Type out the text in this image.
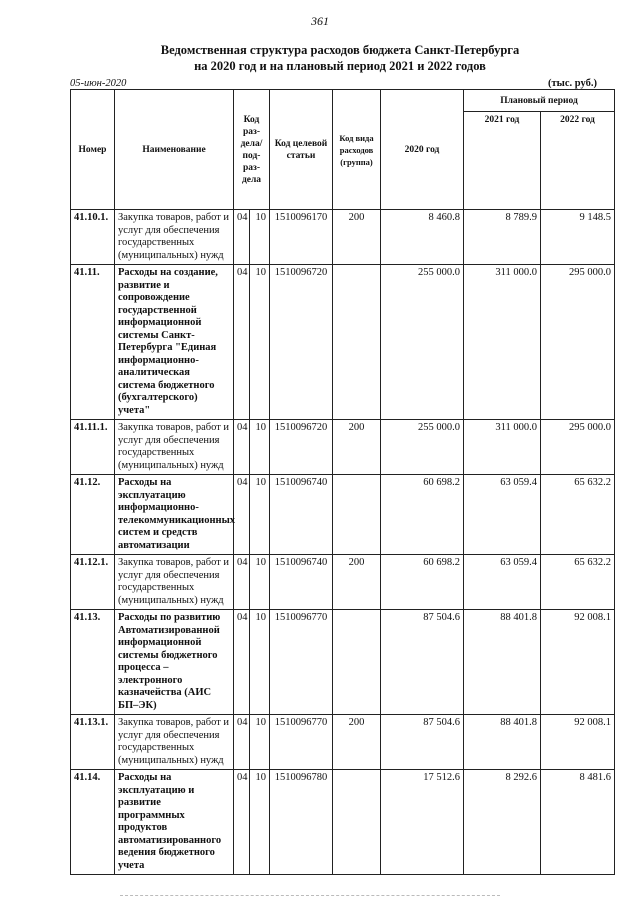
361
Ведомственная структура расходов бюджета Санкт-Петербурга
на 2020 год и на плановый период 2021 и 2022 годов
05-июн-2020	(тыс. руб.)
Номер	Наименование	Код раз- дела/ под- раз- дела		Код целевой статьи	Код вида расходов (группа)	2020 год	Плановый период	
							2021 год	2022 год
41.10.1.	Закупка товаров, работ и услуг для обеспечения государственных (муниципальных) нужд	04	10	1510096170	200	8 460.8	8 789.9	9 148.5
41.11.	Расходы на создание, развитие и сопровождение государственной информационной системы Санкт-Петербурга "Единая информационно-аналитическая система бюджетного (бухгалтерского) учета"	04	10	1510096720		255 000.0	311 000.0	295 000.0
41.11.1.	Закупка товаров, работ и услуг для обеспечения государственных (муниципальных) нужд	04	10	1510096720	200	255 000.0	311 000.0	295 000.0
41.12.	Расходы на эксплуатацию информационно-телекоммуникационных систем и средств автоматизации	04	10	1510096740		60 698.2	63 059.4	65 632.2
41.12.1.	Закупка товаров, работ и услуг для обеспечения государственных (муниципальных) нужд	04	10	1510096740	200	60 698.2	63 059.4	65 632.2
41.13.	Расходы по развитию Автоматизированной информационной системы бюджетного процесса – электронного казначейства (АИС БП–ЭК)	04	10	1510096770		87 504.6	88 401.8	92 008.1
41.13.1.	Закупка товаров, работ и услуг для обеспечения государственных (муниципальных) нужд	04	10	1510096770	200	87 504.6	88 401.8	92 008.1
41.14.	Расходы на эксплуатацию и развитие программных продуктов автоматизированного ведения бюджетного учета	04	10	1510096780		17 512.6	8 292.6	8 481.6
